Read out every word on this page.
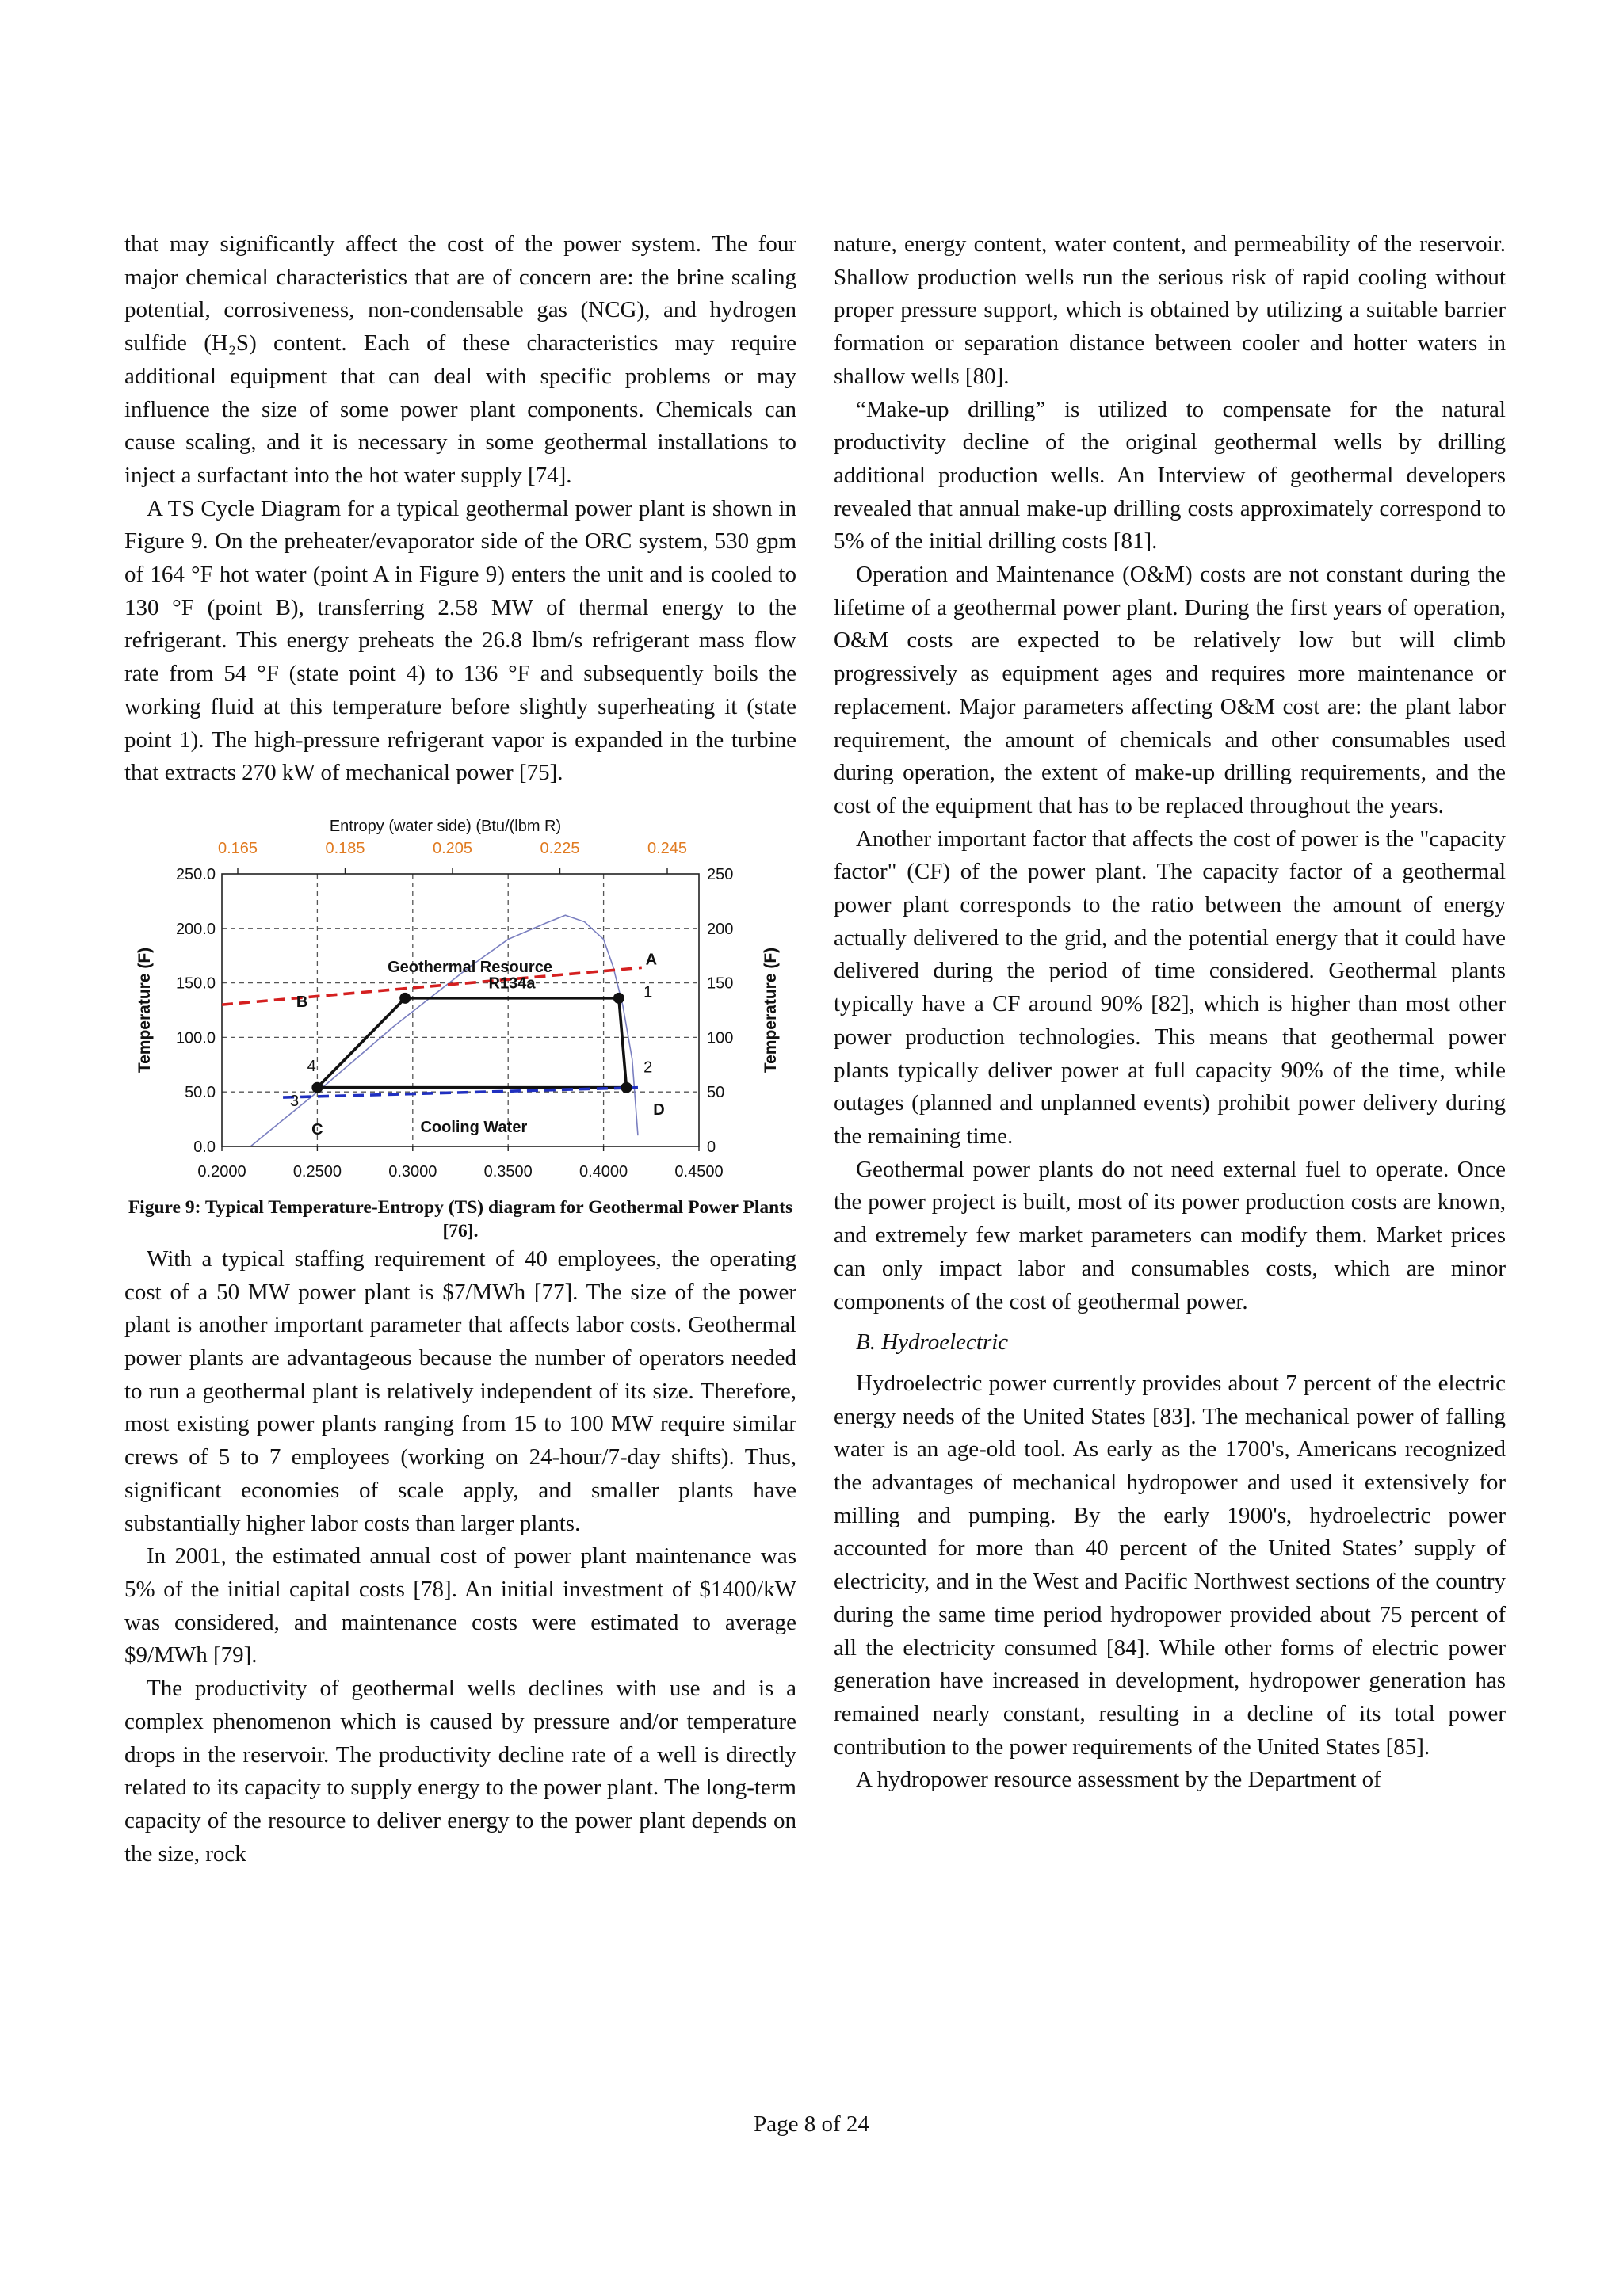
that may significantly affect the cost of the power system. The four major chemical characteristics that are of concern are: the brine scaling potential, corrosiveness, non-condensable gas (NCG), and hydrogen sulfide (H₂S) content. Each of these characteristics may require additional equipment that can deal with specific problems or may influence the size of some power plant components. Chemicals can cause scaling, and it is necessary in some geothermal installations to inject a surfactant into the hot water supply [74].

A TS Cycle Diagram for a typical geothermal power plant is shown in Figure 9. On the preheater/evaporator side of the ORC system, 530 gpm of 164 °F hot water (point A in Figure 9) enters the unit and is cooled to 130 °F (point B), transferring 2.58 MW of thermal energy to the refrigerant. This energy preheats the 26.8 lbm/s refrigerant mass flow rate from 54 °F (state point 4) to 136 °F and subsequently boils the working fluid at this temperature before slightly superheating it (state point 1). The high-pressure refrigerant vapor is expanded in the turbine that extracts 270 kW of mechanical power [75].

0.2000	0.2500	0.3000	0.3500	0.4000	0.4500
0.165	0.185	0.205	0.225	0.245
Entropy (water side) (Btu/(lbm R)
0.0
50.0
100.0
150.0
200.0
250.0
0
50
100
150
200
250
Temperature (F)	Temperature (F)
Geothermal Resource
R134a
Cooling Water
A
B
C
D
1
2
3
4
Figure 9: Typical Temperature-Entropy (TS) diagram for Geothermal Power Plants [76].

With a typical staffing requirement of 40 employees, the operating cost of a 50 MW power plant is $7/MWh [77]. The size of the power plant is another important parameter that affects labor costs. Geothermal power plants are advantageous because the number of operators needed to run a geothermal plant is relatively independent of its size. Therefore, most existing power plants ranging from 15 to 100 MW require similar crews of 5 to 7 employees (working on 24-hour/7-day shifts). Thus, significant economies of scale apply, and smaller plants have substantially higher labor costs than larger plants.

In 2001, the estimated annual cost of power plant maintenance was 5% of the initial capital costs [78]. An initial investment of $1400/kW was considered, and maintenance costs were estimated to average $9/MWh [79].

The productivity of geothermal wells declines with use and is a complex phenomenon which is caused by pressure and/or temperature drops in the reservoir. The productivity decline rate of a well is directly related to its capacity to supply energy to the power plant. The long-term capacity of the resource to deliver energy to the power plant depends on the size, rock

nature, energy content, water content, and permeability of the reservoir. Shallow production wells run the serious risk of rapid cooling without proper pressure support, which is obtained by utilizing a suitable barrier formation or separation distance between cooler and hotter waters in shallow wells [80].

“Make-up drilling” is utilized to compensate for the natural productivity decline of the original geothermal wells by drilling additional production wells. An Interview of geothermal developers revealed that annual make-up drilling costs approximately correspond to 5% of the initial drilling costs [81].

Operation and Maintenance (O&M) costs are not constant during the lifetime of a geothermal power plant. During the first years of operation, O&M costs are expected to be relatively low but will climb progressively as equipment ages and requires more maintenance or replacement. Major parameters affecting O&M cost are: the plant labor requirement, the amount of chemicals and other consumables used during operation, the extent of make-up drilling requirements, and the cost of the equipment that has to be replaced throughout the years.

Another important factor that affects the cost of power is the "capacity factor" (CF) of the power plant. The capacity factor of a geothermal power plant corresponds to the ratio between the amount of energy actually delivered to the grid, and the potential energy that it could have delivered during the period of time considered. Geothermal plants typically have a CF around 90% [82], which is higher than most other power production technologies. This means that geothermal power plants typically deliver power at full capacity 90% of the time, while outages (planned and unplanned events) prohibit power delivery during the remaining time.

Geothermal power plants do not need external fuel to operate. Once the power project is built, most of its power production costs are known, and extremely few market parameters can modify them. Market prices can only impact labor and consumables costs, which are minor components of the cost of geothermal power.

B. Hydroelectric

Hydroelectric power currently provides about 7 percent of the electric energy needs of the United States [83]. The mechanical power of falling water is an age-old tool. As early as the 1700's, Americans recognized the advantages of mechanical hydropower and used it extensively for milling and pumping. By the early 1900's, hydroelectric power accounted for more than 40 percent of the United States’ supply of electricity, and in the West and Pacific Northwest sections of the country during the same time period hydropower provided about 75 percent of all the electricity consumed [84]. While other forms of electric power generation have increased in development, hydropower generation has remained nearly constant, resulting in a decline of its total power contribution to the power requirements of the United States [85].

A hydropower resource assessment by the Department of

Page 8 of 24
